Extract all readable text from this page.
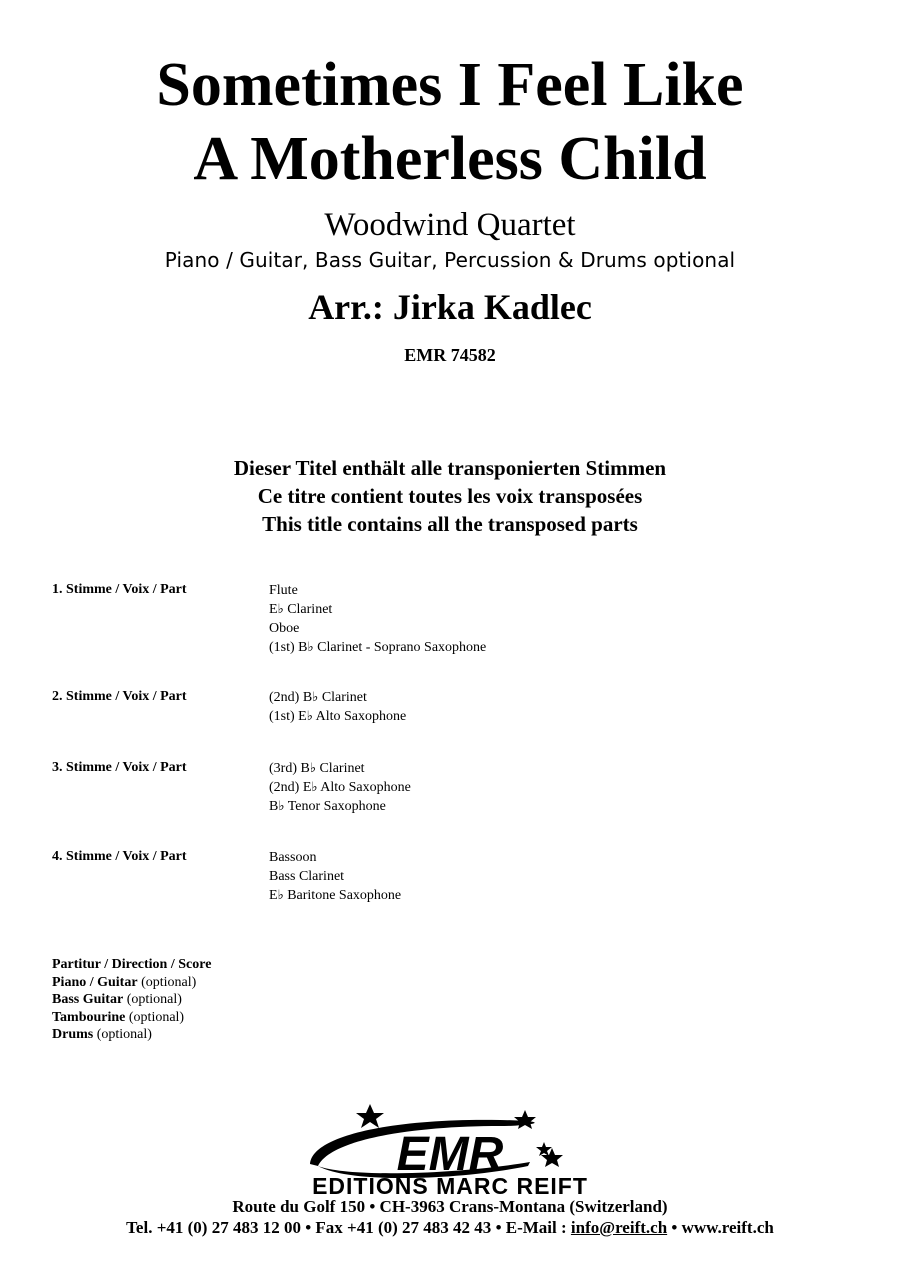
Sometimes I Feel Like
A Motherless Child
Woodwind Quartet
Piano / Guitar, Bass Guitar, Percussion & Drums optional
Arr.: Jirka Kadlec
EMR 74582
Dieser Titel enthält alle transponierten Stimmen
Ce titre contient toutes les voix transposées
This title contains all the transposed parts
1. Stimme / Voix / Part	Flute
E♭ Clarinet
Oboe
(1st) B♭ Clarinet - Soprano Saxophone
2. Stimme / Voix / Part	(2nd) B♭ Clarinet
(1st) E♭ Alto Saxophone
3. Stimme / Voix / Part	(3rd) B♭ Clarinet
(2nd) E♭ Alto Saxophone
B♭ Tenor Saxophone
4. Stimme / Voix / Part	Bassoon
Bass Clarinet
E♭ Baritone Saxophone
Partitur / Direction / Score
Piano / Guitar (optional)
Bass Guitar (optional)
Tambourine (optional)
Drums (optional)
EMR
EDITIONS MARC REIFT
Route du Golf 150 • CH-3963 Crans-Montana (Switzerland)
Tel. +41 (0) 27 483 12 00 • Fax +41 (0) 27 483 42 43 • E-Mail : info@reift.ch • www.reift.ch
